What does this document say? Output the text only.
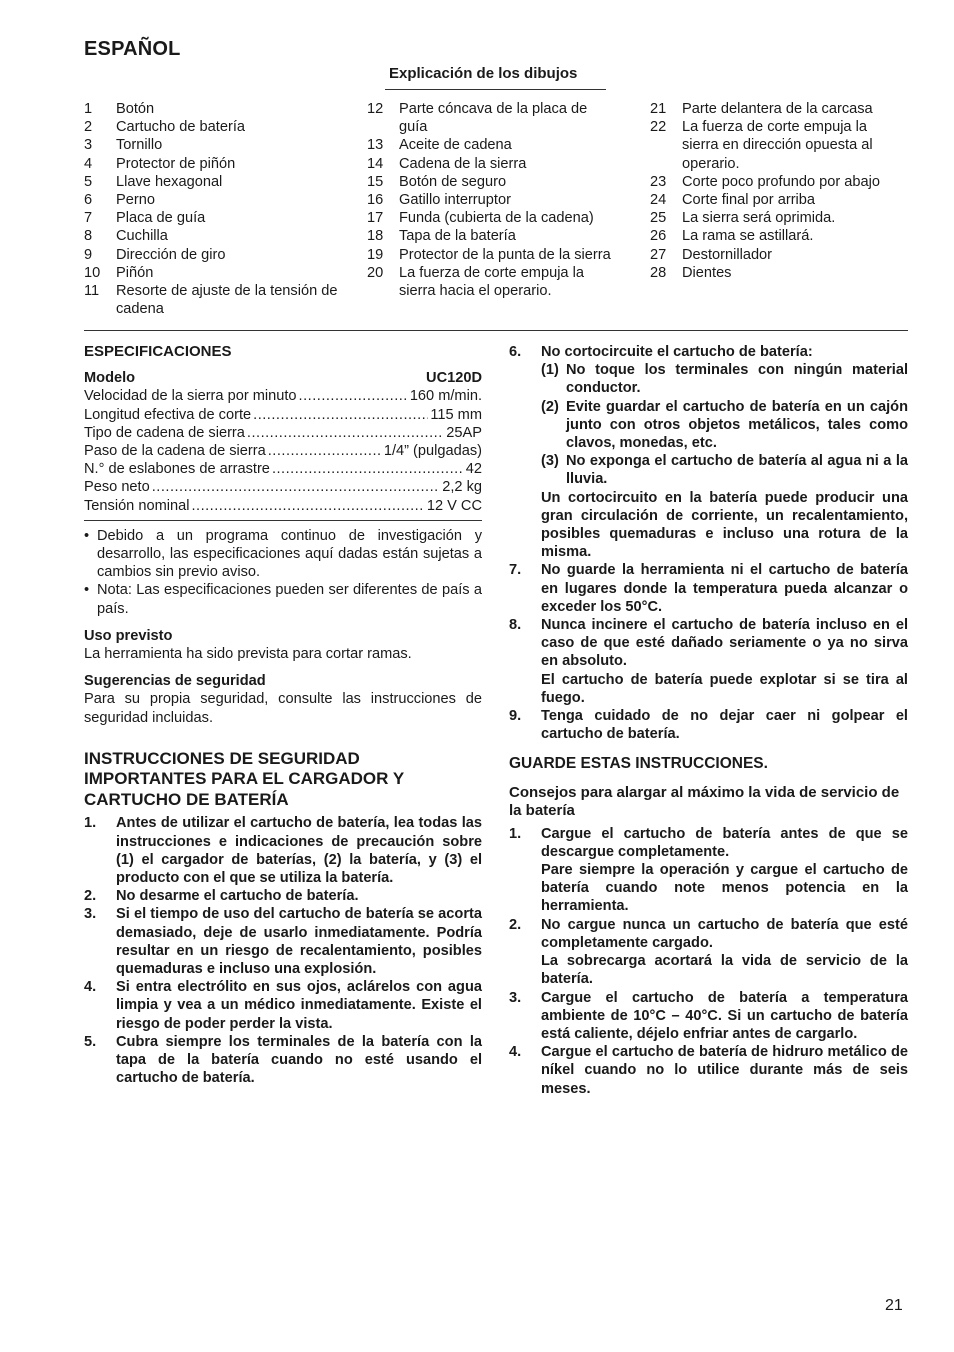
ESPAÑOL
Explicación de los dibujos
1	Botón
2	Cartucho de batería
3	Tornillo
4	Protector de piñón
5	Llave hexagonal
6	Perno
7	Placa de guía
8	Cuchilla
9	Dirección de giro
10	Piñón
11	Resorte de ajuste de la tensión de cadena
12	Parte cóncava de la placa de guía
13	Aceite de cadena
14	Cadena de la sierra
15	Botón de seguro
16	Gatillo interruptor
17	Funda (cubierta de la cadena)
18	Tapa de la batería
19	Protector de la punta de la sierra
20	La fuerza de corte empuja la sierra hacia el operario.
21	Parte delantera de la carcasa
22	La fuerza de corte empuja la sierra en dirección opuesta al operario.
23	Corte poco profundo por abajo
24	Corte final por arriba
25	La sierra será oprimida.
26	La rama se astillará.
27	Destornillador
28	Dientes
ESPECIFICACIONES
Modelo	UC120D
Velocidad de la sierra por minuto .....	160 m/min.
Longitud efectiva de corte .....	115 mm
Tipo de cadena de sierra .....	25AP
Paso de la cadena de sierra .....	1/4” (pulgadas)
N.° de eslabones de arrastre .....	42
Peso neto .....	2,2 kg
Tensión nominal .....	12 V CC
• Debido a un programa continuo de investigación y desarrollo, las especificaciones aquí dadas están sujetas a cambios sin previo aviso.
• Nota: Las especificaciones pueden ser diferentes de país a país.
Uso previsto
La herramienta ha sido prevista para cortar ramas.
Sugerencias de seguridad
Para su propia seguridad, consulte las instrucciones de seguridad incluidas.
INSTRUCCIONES DE SEGURIDAD IMPORTANTES PARA EL CARGADOR Y CARTUCHO DE BATERÍA
1.	Antes de utilizar el cartucho de batería, lea todas las instrucciones e indicaciones de precaución sobre (1) el cargador de baterías, (2) la batería, y (3) el producto con el que se utiliza la batería.
2.	No desarme el cartucho de batería.
3.	Si el tiempo de uso del cartucho de batería se acorta demasiado, deje de usarlo inmediatamente. Podría resultar en un riesgo de recalentamiento, posibles quemaduras e incluso una explosión.
4.	Si entra electrólito en sus ojos, aclárelos con agua limpia y vea a un médico inmediatamente. Existe el riesgo de poder perder la vista.
5.	Cubra siempre los terminales de la batería con la tapa de la batería cuando no esté usando el cartucho de batería.
6.	No cortocircuite el cartucho de batería:
(1) No toque los terminales con ningún material conductor.
(2) Evite guardar el cartucho de batería en un cajón junto con otros objetos metálicos, tales como clavos, monedas, etc.
(3) No exponga el cartucho de batería al agua ni a la lluvia.
Un cortocircuito en la batería puede producir una gran circulación de corriente, un recalentamiento, posibles quemaduras e incluso una rotura de la misma.
7.	No guarde la herramienta ni el cartucho de batería en lugares donde la temperatura pueda alcanzar o exceder los 50°C.
8.	Nunca incinere el cartucho de batería incluso en el caso de que esté dañado seriamente o ya no sirva en absoluto.
El cartucho de batería puede explotar si se tira al fuego.
9.	Tenga cuidado de no dejar caer ni golpear el cartucho de batería.
GUARDE ESTAS INSTRUCCIONES.
Consejos para alargar al máximo la vida de servicio de la batería
1.	Cargue el cartucho de batería antes de que se descargue completamente.
Pare siempre la operación y cargue el cartucho de batería cuando note menos potencia en la herramienta.
2.	No cargue nunca un cartucho de batería que esté completamente cargado.
La sobrecarga acortará la vida de servicio de la batería.
3.	Cargue el cartucho de batería a temperatura ambiente de 10°C – 40°C. Si un cartucho de batería está caliente, déjelo enfriar antes de cargarlo.
4.	Cargue el cartucho de batería de hidruro metálico de níkel cuando no lo utilice durante más de seis meses.
21
